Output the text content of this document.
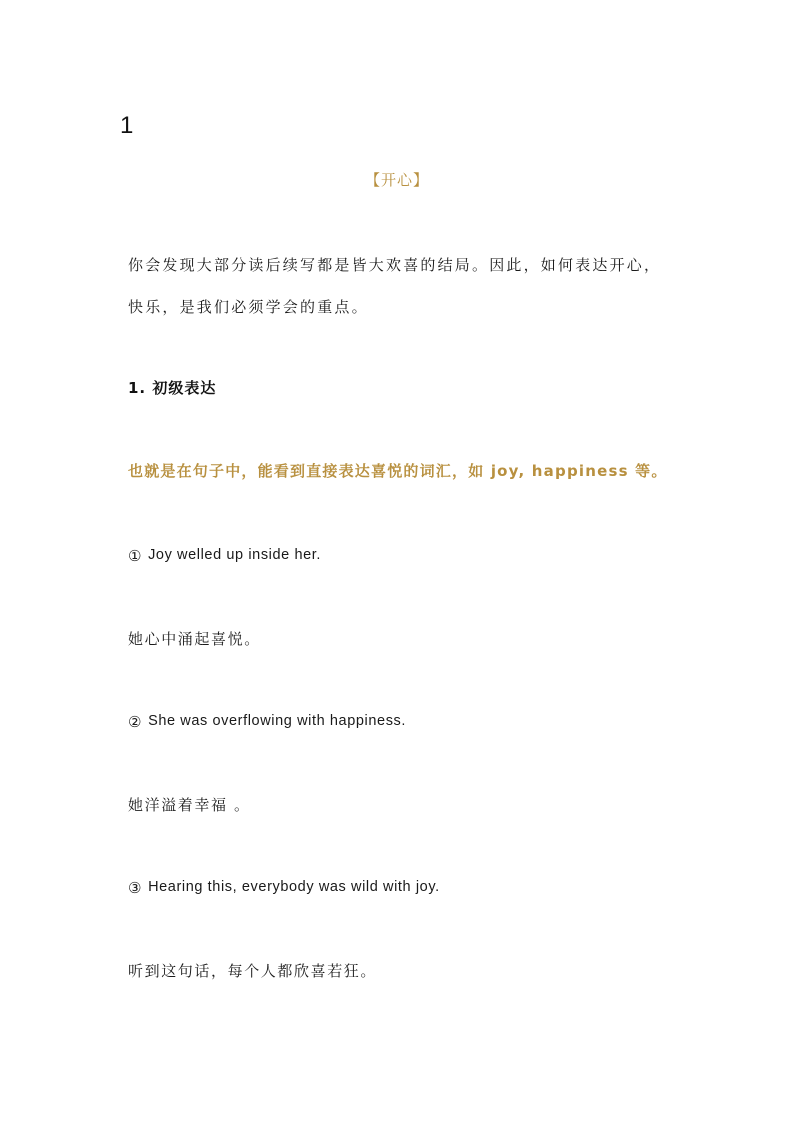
1
【开心】
你会发现大部分读后续写都是皆大欢喜的结局。因此，如何表达开心，
快乐，是我们必须学会的重点。
1. 初级表达
也就是在句子中，能看到直接表达喜悦的词汇，如 joy, happiness 等。
① Joy welled up inside her.
她心中涌起喜悦。
② She was overflowing with happiness.
她洋溢着幸福 。
③ Hearing this, everybody was wild with joy.
听到这句话，每个人都欣喜若狂。
